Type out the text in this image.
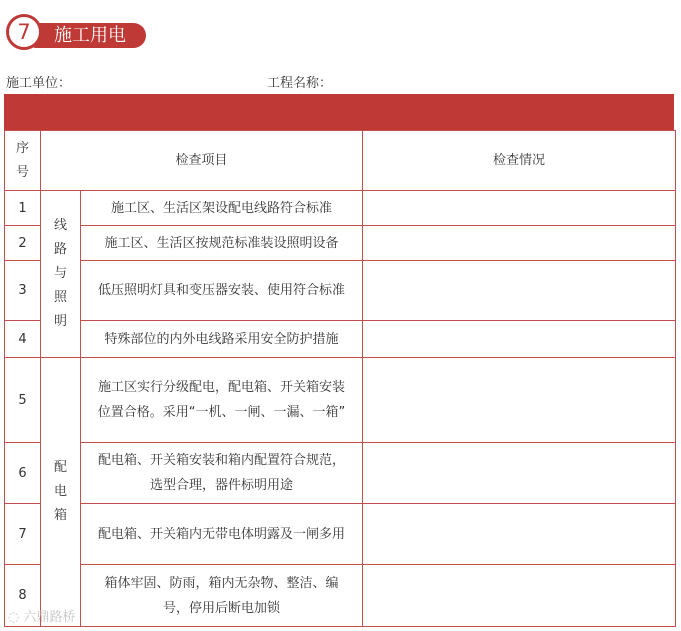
7	施工用电
施工单位：	工程名称：
序号	检查项目		检查情况
1	线路与照明	施工区、生活区架设配电线路符合标准	
2		施工区、生活区按规范标准装设照明设备	
3		低压照明灯具和变压器安装、使用符合标准	
4		特殊部位的内外电线路采用安全防护措施	
5	配电箱	施工区实行分级配电，配电箱、开关箱安装位置合格。采用“一机、一闸、一漏、一箱”	
6		配电箱、开关箱安装和箱内配置符合规范，选型合理，器件标明用途	
7		配电箱、开关箱内无带电体明露及一闸多用	
8		箱体牢固、防雨，箱内无杂物、整洁、编号，停用后断电加锁	
◌ 六鼎路桥
